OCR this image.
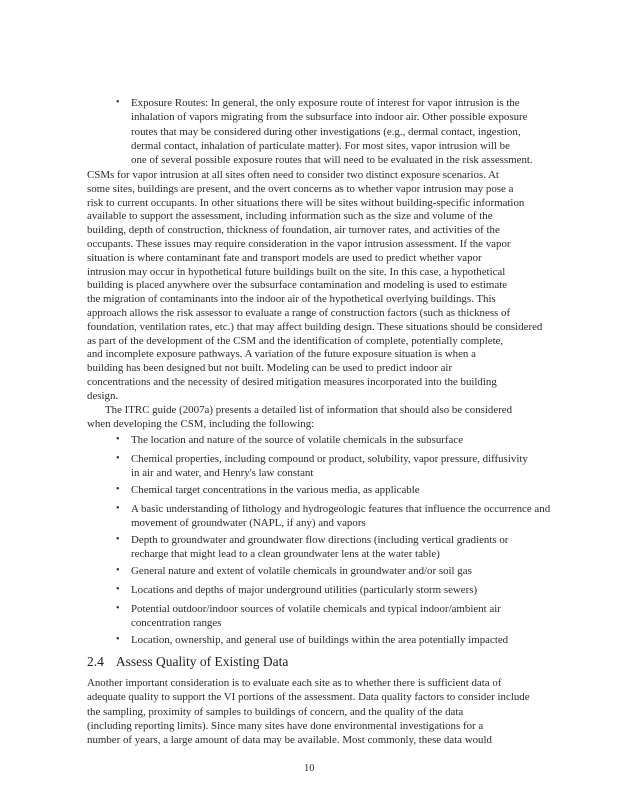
• Exposure Routes: In general, the only exposure route of interest for vapor intrusion is the
inhalation of vapors migrating from the subsurface into indoor air. Other possible exposure
routes that may be considered during other investigations (e.g., dermal contact, ingestion,
dermal contact, inhalation of particulate matter). For most sites, vapor intrusion will be
one of several possible exposure routes that will need to be evaluated in the risk assessment.
CSMs for vapor intrusion at all sites often need to consider two distinct exposure scenarios. At
some sites, buildings are present, and the overt concerns as to whether vapor intrusion may pose a
risk to current occupants. In other situations there will be sites without building-specific information
available to support the assessment, including information such as the size and volume of the
building, depth of construction, thickness of foundation, air turnover rates, and activities of the
occupants. These issues may require consideration in the vapor intrusion assessment. If the vapor
situation is where contaminant fate and transport models are used to predict whether vapor
intrusion may occur in hypothetical future buildings built on the site. In this case, a hypothetical
building is placed anywhere over the subsurface contamination and modeling is used to estimate
the migration of contaminants into the indoor air of the hypothetical overlying buildings. This
approach allows the risk assessor to evaluate a range of construction factors (such as thickness of
foundation, ventilation rates, etc.) that may affect building design. These situations should be considered
as part of the development of the CSM and the identification of complete, potentially complete,
and incomplete exposure pathways. A variation of the future exposure situation is when a
building has been designed but not built. Modeling can be used to predict indoor air
concentrations and the necessity of desired mitigation measures incorporated into the building
design.
The ITRC guide (2007a) presents a detailed list of information that should also be considered
when developing the CSM, including the following:
• The location and nature of the source of volatile chemicals in the subsurface
• Chemical properties, including compound or product, solubility, vapor pressure, diffusivity
in air and water, and Henry's law constant
• Chemical target concentrations in the various media, as applicable
• A basic understanding of lithology and hydrogeologic features that influence the occurrence and
movement of groundwater (NAPL, if any) and vapors
• Depth to groundwater and groundwater flow directions (including vertical gradients or
recharge that might lead to a clean groundwater lens at the water table)
• General nature and extent of volatile chemicals in groundwater and/or soil gas
• Locations and depths of major underground utilities (particularly storm sewers)
• Potential outdoor/indoor sources of volatile chemicals and typical indoor/ambient air
concentration ranges
• Location, ownership, and general use of buildings within the area potentially impacted
2.4 Assess Quality of Existing Data
Another important consideration is to evaluate each site as to whether there is sufficient data of
adequate quality to support the VI portions of the assessment. Data quality factors to consider include
the sampling, proximity of samples to buildings of concern, and the quality of the data
(including reporting limits). Since many sites have done environmental investigations for a
number of years, a large amount of data may be available. Most commonly, these data would
10
